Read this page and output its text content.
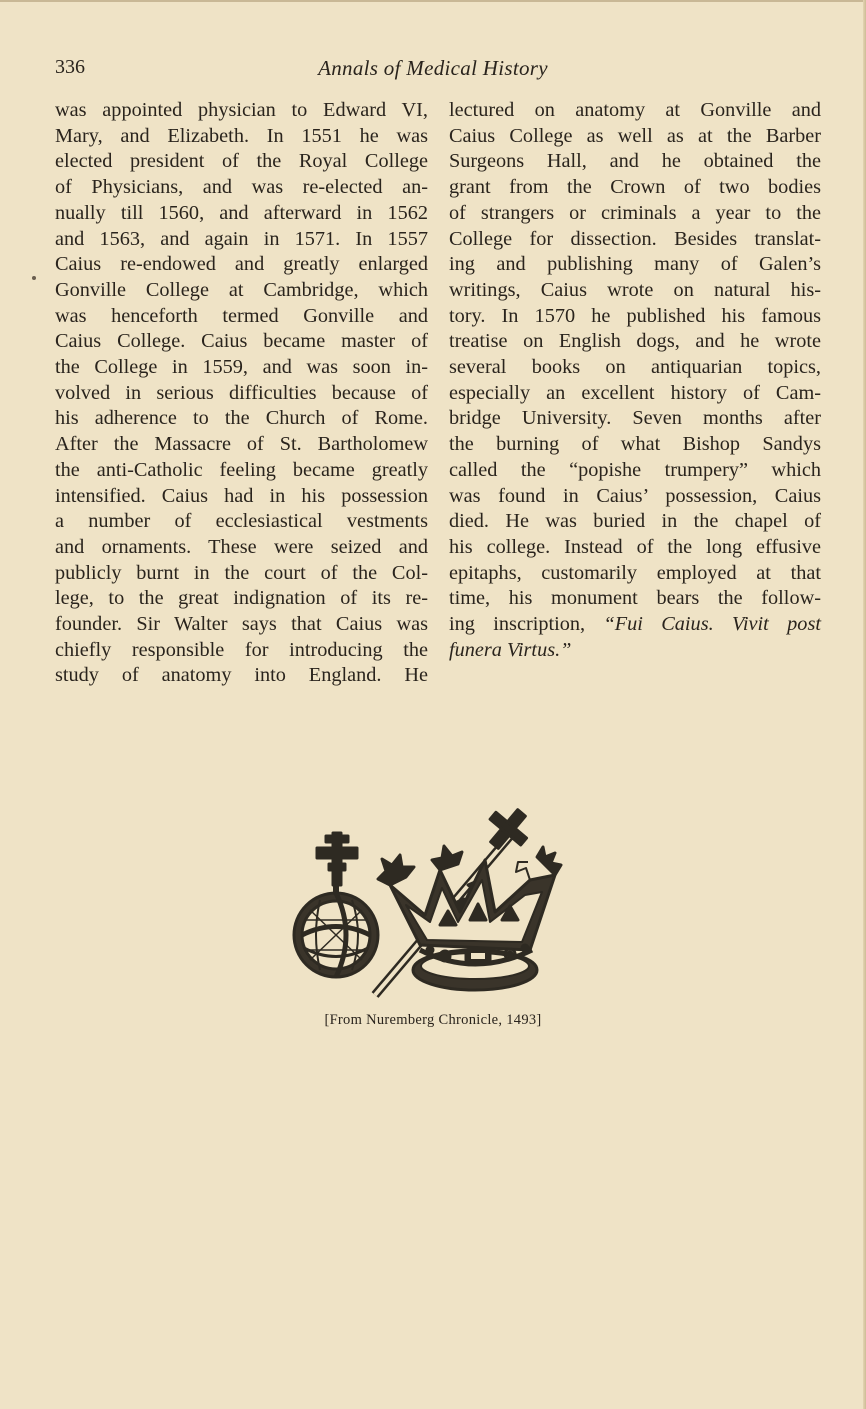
336	Annals of Medical History
was appointed physician to Edward VI,
Mary, and Elizabeth. In 1551 he was
elected president of the Royal College
of Physicians, and was re-elected an-
nually till 1560, and afterward in 1562
and 1563, and again in 1571. In 1557
Caius re-endowed and greatly enlarged
Gonville College at Cambridge, which
was henceforth termed Gonville and
Caius College. Caius became master of
the College in 1559, and was soon in-
volved in serious difficulties because of
his adherence to the Church of Rome.
After the Massacre of St. Bartholomew
the anti-Catholic feeling became greatly
intensified. Caius had in his possession
a number of ecclesiastical vestments
and ornaments. These were seized and
publicly burnt in the court of the Col-
lege, to the great indignation of its re-
founder. Sir Walter says that Caius was
chiefly responsible for introducing the
study of anatomy into England. He
lectured on anatomy at Gonville and
Caius College as well as at the Barber
Surgeons Hall, and he obtained the
grant from the Crown of two bodies
of strangers or criminals a year to the
College for dissection. Besides translat-
ing and publishing many of Galen’s
writings, Caius wrote on natural his-
tory. In 1570 he published his famous
treatise on English dogs, and he wrote
several books on antiquarian topics,
especially an excellent history of Cam-
bridge University. Seven months after
the burning of what Bishop Sandys
called the “popishe trumpery” which
was found in Caius’ possession, Caius
died. He was buried in the chapel of
his college. Instead of the long effusive
epitaphs, customarily employed at that
time, his monument bears the follow-
ing inscription, “Fui Caius. Vivit post
funera Virtus.”
[From Nuremberg Chronicle, 1493]
